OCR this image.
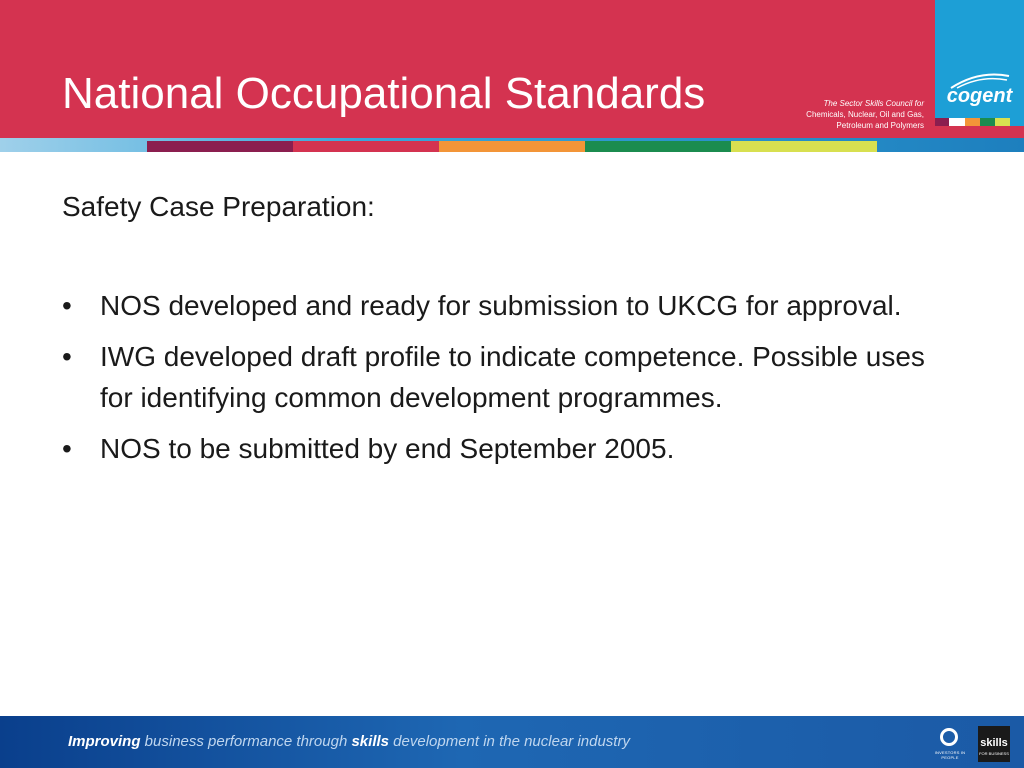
National Occupational Standards	The Sector Skills Council for
Chemicals, Nuclear, Oil and Gas,
Petroleum and Polymers
cogent
Safety Case Preparation:
• NOS developed and ready for submission to UKCG for approval.
• IWG developed draft profile to indicate competence. Possible uses for identifying common development programmes.
• NOS to be submitted by end September 2005.
Improving business performance through skills development in the nuclear industry
INVESTORS IN PEOPLE
skills
FOR BUSINESS
